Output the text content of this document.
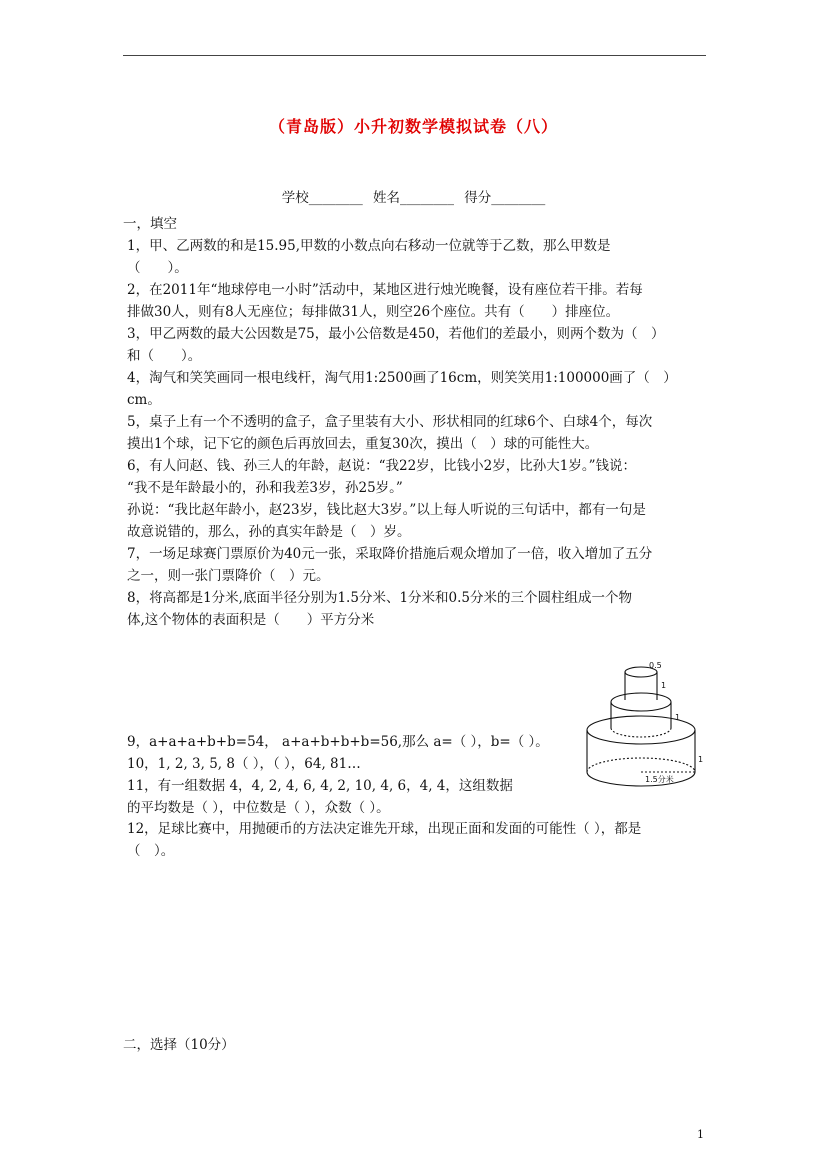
（青岛版）小升初数学模拟试卷（八）
学校________ 姓名________ 得分________
一，填空
1，甲、乙两数的和是15.95,甲数的小数点向右移动一位就等于乙数，那么甲数是
（　　）。
2，在2011年“地球停电一小时”活动中，某地区进行烛光晚餐，设有座位若干排。若每
排做30人，则有8人无座位；每排做31人，则空26个座位。共有（　　）排座位。
3，甲乙两数的最大公因数是75，最小公倍数是450，若他们的差最小，则两个数为（　）
和（　　）。
4，淘气和笑笑画同一根电线杆，淘气用1:2500画了16cm，则笑笑用1:100000画了（　）
cm。
5，桌子上有一个不透明的盒子，盒子里装有大小、形状相同的红球6个、白球4个，每次
摸出1个球，记下它的颜色后再放回去，重复30次，摸出（　）球的可能性大。
6，有人问赵、钱、孙三人的年龄，赵说：“我22岁，比钱小2岁，比孙大1岁。”钱说：
“我不是年龄最小的，孙和我差3岁，孙25岁。”
孙说：“我比赵年龄小，赵23岁，钱比赵大3岁。”以上每人听说的三句话中，都有一句是
故意说错的，那么，孙的真实年龄是（　）岁。
7，一场足球赛门票原价为40元一张，采取降价措施后观众增加了一倍，收入增加了五分
之一，则一张门票降价（　）元。
8，将高都是1分米,底面半径分别为1.5分米、1分米和0.5分米的三个圆柱组成一个物
体,这个物体的表面积是（　　）平方分米
0.5
1
1
1
1.5分米
9，a+a+a+b+b=54， a+a+b+b+b=56,那么 a=（ ），b=（ ）。
10，1, 2, 3, 5, 8（ ），（ ），64, 81…
11，有一组数据 4，4, 2, 4, 6, 4, 2, 10, 4, 6，4, 4，这组数据
的平均数是（ ），中位数是（ ），众数（ ）。
12，足球比赛中，用抛硬币的方法决定谁先开球，出现正面和发面的可能性（ ），都是
（　）。
二，选择（10分）
1
